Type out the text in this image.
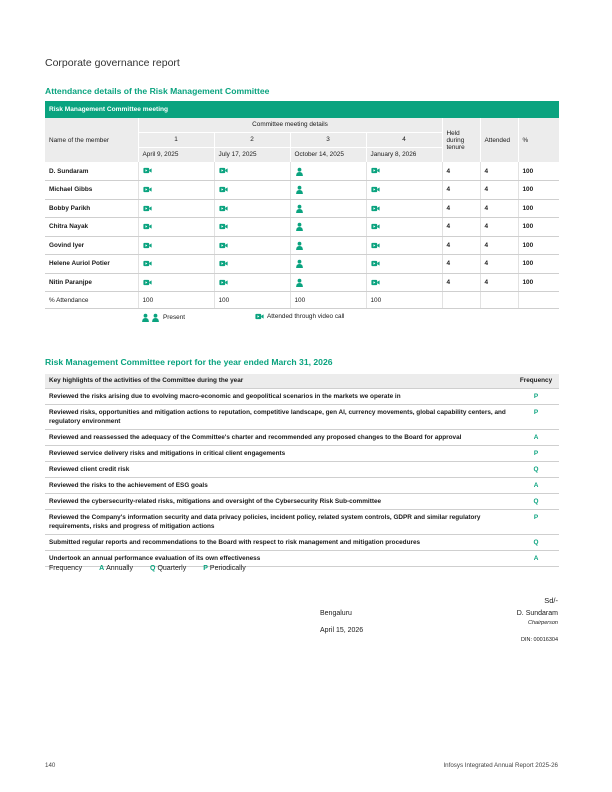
Corporate governance report
Attendance details of the Risk Management Committee
Risk Management Committee meeting							
Name of the member	Committee meeting details				Held during tenure	Attended	%
	1	2	3	4			
	April 9, 2025	July 17, 2025	October 14, 2025	January 8, 2026			
D. Sundaram					4	4	100
Michael Gibbs					4	4	100
Bobby Parikh					4	4	100
Chitra Nayak					4	4	100
Govind Iyer					4	4	100
Helene Auriol Potier					4	4	100
Nitin Paranjpe					4	4	100
% Attendance	100	100	100	100			
Present	Attended through video call
Risk Management Committee report for the year ended March 31, 2026
Key highlights of the activities of the Committee during the year	Frequency
Reviewed the risks arising due to evolving macro-economic and geopolitical scenarios in the markets we operate in	P
Reviewed risks, opportunities and mitigation actions to reputation, competitive landscape, gen AI, currency movements, global capability centers, and regulatory environment	P
Reviewed and reassessed the adequacy of the Committee's charter and recommended any proposed changes to the Board for approval	A
Reviewed service delivery risks and mitigations in critical client engagements	P
Reviewed client credit risk	Q
Reviewed the risks to the achievement of ESG goals	A
Reviewed the cybersecurity-related risks, mitigations and oversight of the Cybersecurity Risk Sub-committee	Q
Reviewed the Company's information security and data privacy policies, incident policy, related system controls, GDPR and similar regulatory requirements, risks and progress of mitigation actions	P
Submitted regular reports and recommendations to the Board with respect to risk management and mitigation procedures	Q
Undertook an annual performance evaluation of its own effectiveness	A
Frequency A Annually Q Quarterly P Periodically
Sd/-
Bengaluru	D. Sundaram
Chairperson
April 15, 2026
DIN: 00016304
140	Infosys Integrated Annual Report 2025-26
